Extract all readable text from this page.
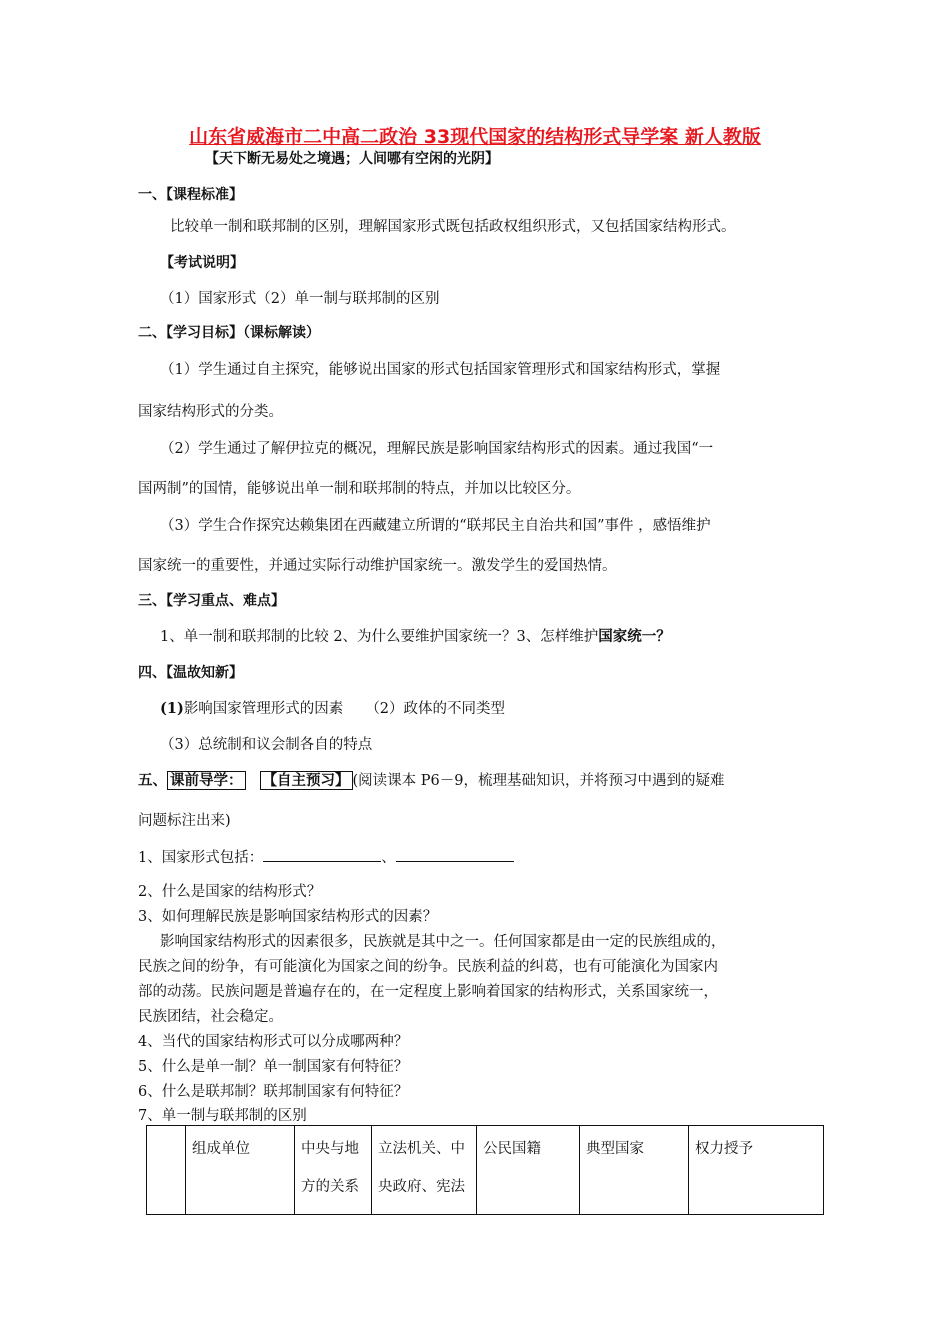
山东省威海市二中高二政治 33现代国家的结构形式导学案 新人教版
【天下断无易处之境遇；人间哪有空闲的光阴】
一、【课程标准】
比较单一制和联邦制的区别，理解国家形式既包括政权组织形式，又包括国家结构形式。
【考试说明】
（1）国家形式（2）单一制与联邦制的区别
二、【学习目标】（课标解读）
（1）学生通过自主探究，能够说出国家的形式包括国家管理形式和国家结构形式，掌握
国家结构形式的分类。
（2）学生通过了解伊拉克的概况，理解民族是影响国家结构形式的因素。通过我国“一
国两制”的国情，能够说出单一制和联邦制的特点，并加以比较区分。
（3）学生合作探究达赖集团在西藏建立所谓的“联邦民主自治共和国”事件 ，感悟维护
国家统一的重要性，并通过实际行动维护国家统一。激发学生的爱国热情。
三、【学习重点、难点】
1、单一制和联邦制的比较 2、为什么要维护国家统一？3、怎样维护国家统一？
四、【温故知新】
(1)影响国家管理形式的因素 （2）政体的不同类型
（3）总统制和议会制各自的特点
五、 课前导学： 【自主预习】 (阅读课本 P6－9，梳理基础知识，并将预习中遇到的疑难
问题标注出来)
1、国家形式包括：	、
2、什么是国家的结构形式？
3、如何理解民族是影响国家结构形式的因素？
影响国家结构形式的因素很多，民族就是其中之一。任何国家都是由一定的民族组成的，
民族之间的纷争，有可能演化为国家之间的纷争。民族利益的纠葛，也有可能演化为国家内
部的动荡。民族问题是普遍存在的，在一定程度上影响着国家的结构形式，关系国家统一，
民族团结，社会稳定。
4、当代的国家结构形式可以分成哪两种？
5、什么是单一制？单一制国家有何特征？
6、什么是联邦制？联邦制国家有何特征？
7、单一制与联邦制的区别
	组成单位	中央与地方的关系	立法机关、中央政府、宪法	公民国籍	典型国家	权力授予
